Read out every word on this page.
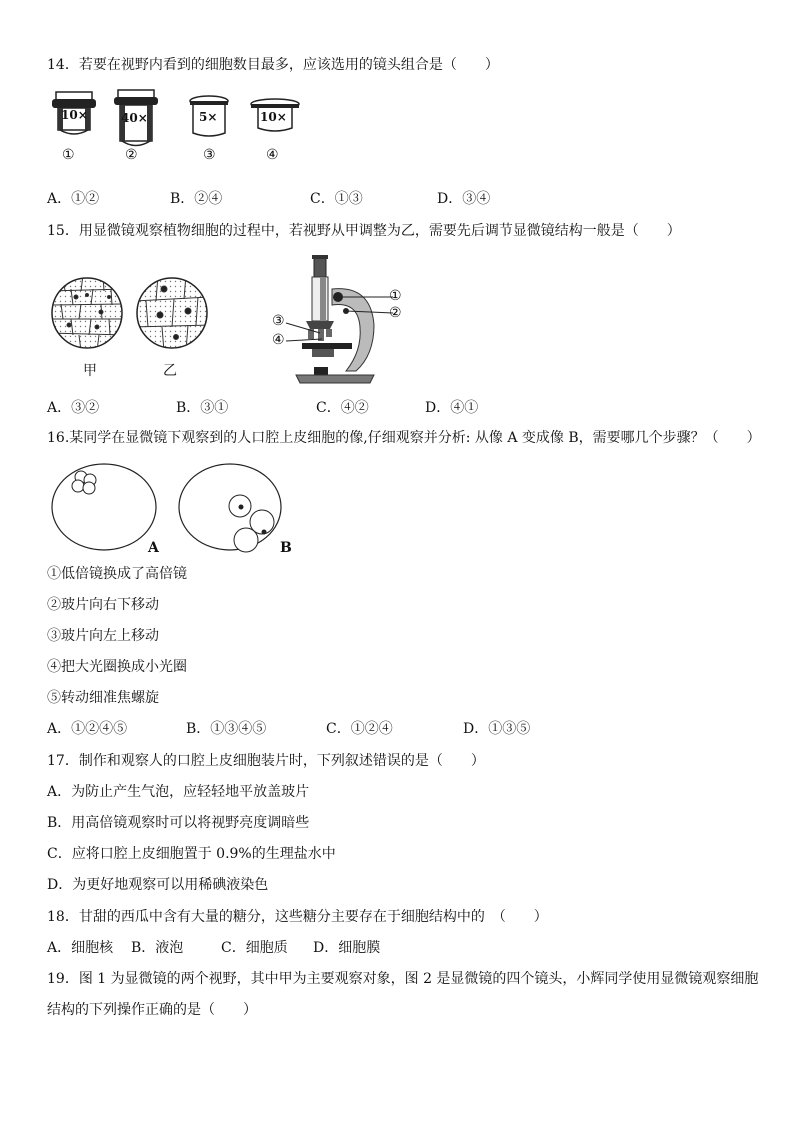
14．若要在视野内看到的细胞数目最多，应该选用的镜头组合是（　　）
10×	40×	5×	10×
①	②	③	④
A．①②	B．②④	C．①③	D．③④
15．用显微镜观察植物细胞的过程中，若视野从甲调整为乙，需要先后调节显微镜结构一般是（　　）
甲	乙
①
②
③
④
A．③②	B．③①	C．④②	D．④①
16.某同学在显微镜下观察到的人口腔上皮细胞的像,仔细观察并分析: 从像 A 变成像 B，需要哪几个步骤？（　　）
A	B
①低倍镜换成了高倍镜
②玻片向右下移动
③玻片向左上移动
④把大光圈换成小光圈
⑤转动细准焦螺旋
A．①②④⑤	B．①③④⑤	C．①②④	D．①③⑤
17．制作和观察人的口腔上皮细胞装片时，下列叙述错误的是（　　）
A．为防止产生气泡，应轻轻地平放盖玻片
B．用高倍镜观察时可以将视野亮度调暗些
C．应将口腔上皮细胞置于 0.9%的生理盐水中
D．为更好地观察可以用稀碘液染色
18．甘甜的西瓜中含有大量的糖分，这些糖分主要存在于细胞结构中的　（　　）
A．细胞核 B．液泡	C．细胞质 D．细胞膜
19．图 1 为显微镜的两个视野，其中甲为主要观察对象，图 2 是显微镜的四个镜头，小辉同学使用显微镜观察细胞
结构的下列操作正确的是（　　）
